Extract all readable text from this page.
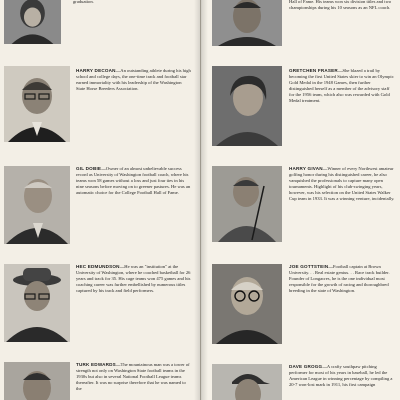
graduation.

HARRY DECOAN—An outstanding athlete during his high school and college days, the one-time track and football star earned immortality with his leadership of the Washington State Horse Breeders Association.

GIL DOBIE—Owner of an almost unbelievable success record as University of Washington football coach, where his teams won 58 games without a loss and just four ties in his nine seasons before moving on to greener pastures. He was an automatic choice for the College Football Hall of Fame.

HEC EDMUNDSON—He was an "institution" at the University of Washington, where he coached basketball for 26 years and track for 35. His cage teams won 475 games and his coaching career was further embellished by numerous titles captured by his track and field performers.

TURK EDWARDS—The mountainous man was a tower of strength not only on Washington State football teams in the 1930s but also in several National Football League teams thereafter. It was no surprise therefore that he was named to the

Hall of Fame. His teams won six division titles and two championships during his 10 seasons as an NFL coach.

GRETCHEN FRASER—She blazed a trail by becoming the first United States skier to win an Olympic Gold Medal in the 1948 Games, then further distinguished herself as a member of the advisory staff for the 1956 team, which also was rewarded with Gold Medal treatment.

HARRY GIVAN—Winner of every Northwest amateur golfing honor during his distinguished career, he also vanquished the professionals to capture many open tournaments. Highlight of his club-swinging years, however, was his selection on the United States Walker Cup team in 1933. It was a winning venture, incidentally.

JOE GOTTSTEIN—Football captain at Brown University. . . Real estate genius. . . Race track builder. Founder of Longacres, he is the one individual most responsible for the growth of racing and thoroughbred breeding in the state of Washington.

DAVE GROGG—A crafty southpaw pitching performer for most of his years in baseball, he led the American League in winning percentage by compiling a 20-7 won-lost mark in 1911, his first campaign
